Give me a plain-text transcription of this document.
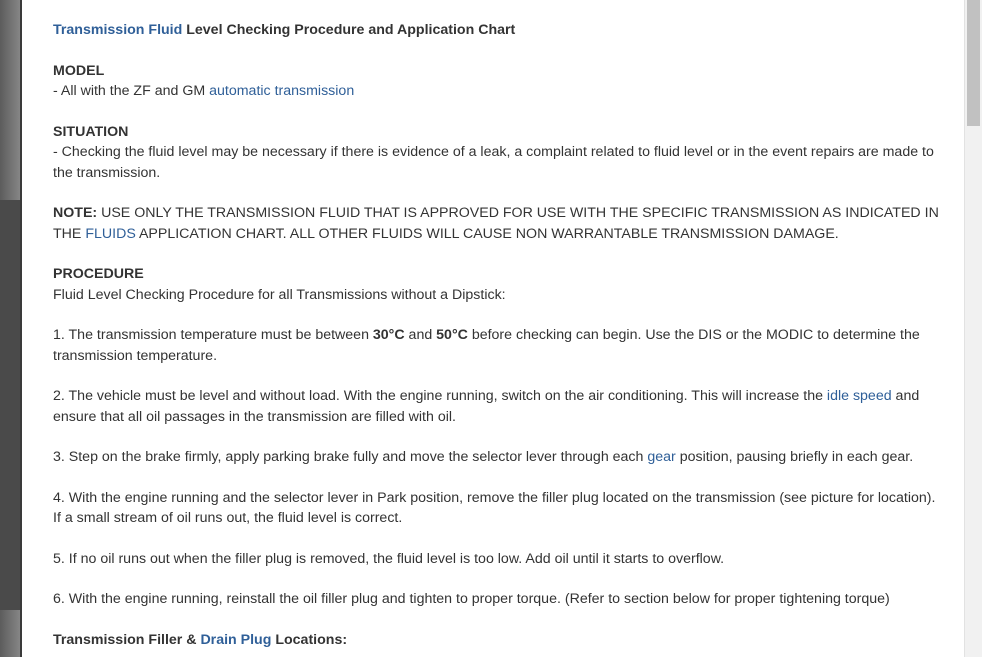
Transmission Fluid Level Checking Procedure and Application Chart

MODEL
- All with the ZF and GM automatic transmission

SITUATION
- Checking the fluid level may be necessary if there is evidence of a leak, a complaint related to fluid level or in the event repairs are made to the transmission.

NOTE: USE ONLY THE TRANSMISSION FLUID THAT IS APPROVED FOR USE WITH THE SPECIFIC TRANSMISSION AS INDICATED IN THE FLUIDS APPLICATION CHART. ALL OTHER FLUIDS WILL CAUSE NON WARRANTABLE TRANSMISSION DAMAGE.

PROCEDURE
Fluid Level Checking Procedure for all Transmissions without a Dipstick:

1. The transmission temperature must be between 30°C and 50°C before checking can begin. Use the DIS or the MODIC to determine the transmission temperature.

2. The vehicle must be level and without load. With the engine running, switch on the air conditioning. This will increase the idle speed and ensure that all oil passages in the transmission are filled with oil.

3. Step on the brake firmly, apply parking brake fully and move the selector lever through each gear position, pausing briefly in each gear.

4. With the engine running and the selector lever in Park position, remove the filler plug located on the transmission (see picture for location). If a small stream of oil runs out, the fluid level is correct.

5. If no oil runs out when the filler plug is removed, the fluid level is too low. Add oil until it starts to overflow.

6. With the engine running, reinstall the oil filler plug and tighten to proper torque. (Refer to section below for proper tightening torque)

Transmission Filler & Drain Plug Locations:
